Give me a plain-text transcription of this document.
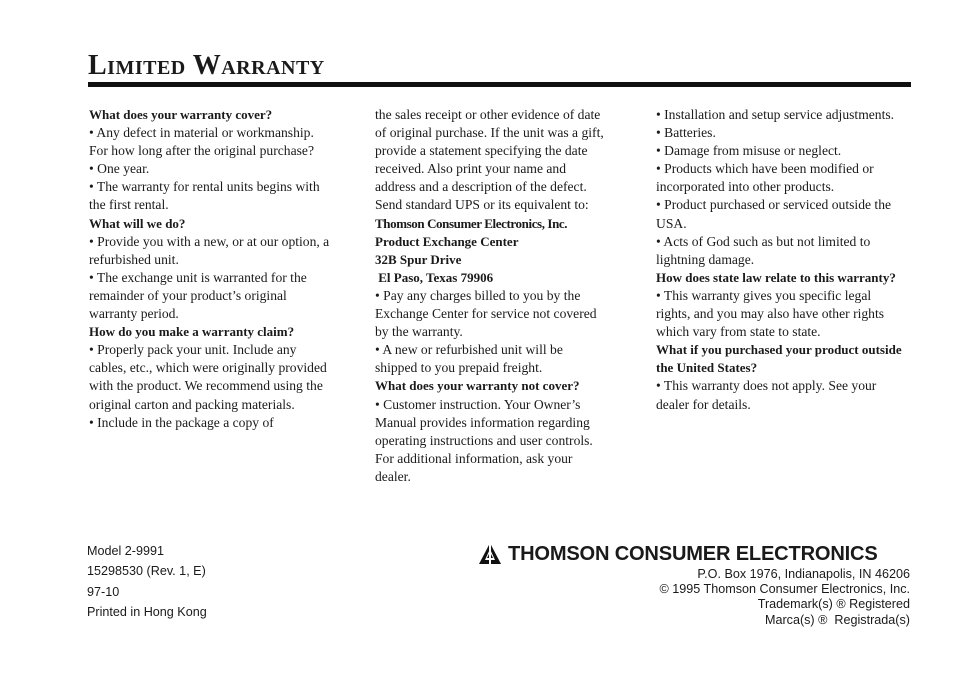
Limited Warranty

What does your warranty cover?

• Any defect in material or workmanship.

For how long after the original purchase?

• One year.

• The warranty for rental units begins with the first rental.

What will we do?

• Provide you with a new, or at our option, a refurbished unit.

• The exchange unit is warranted for the remainder of your product’s original warranty period.

How do you make a warranty claim?

• Properly pack your unit. Include any cables, etc., which were originally provided with the product. We recommend using the original carton and packing materials.

• Include in the package a copy of

the sales receipt or other evidence of date of original purchase. If the unit was a gift, provide a statement specifying the date received. Also print your name and address and a description of the defect. Send standard UPS or its equivalent to:

Thomson Consumer Electronics, Inc.

Product Exchange Center

32B Spur Drive

El Paso, Texas 79906

• Pay any charges billed to you by the Exchange Center for service not covered by the warranty.

• A new or refurbished unit will be shipped to you prepaid freight.

What does your warranty not cover?

• Customer instruction. Your Owner’s Manual provides information regarding operating instructions and user controls. For additional information, ask your dealer.

• Installation and setup service adjustments.

• Batteries.

• Damage from misuse or neglect.

• Products which have been modified or incorporated into other products.

• Product purchased or serviced outside the USA.

• Acts of God such as but not limited to lightning damage.

How does state law relate to this warranty?

• This warranty gives you specific legal rights, and you may also have other rights which vary from state to state.

What if you purchased your product outside the United States?

• This warranty does not apply. See your dealer for details.

Model 2-9991

15298530 (Rev. 1, E)

97-10

Printed in Hong Kong

THOMSON CONSUMER ELECTRONICS

P.O. Box 1976, Indianapolis, IN 46206

© 1995 Thomson Consumer Electronics, Inc.

Trademark(s) ® Registered

Marca(s) ®  Registrada(s)
